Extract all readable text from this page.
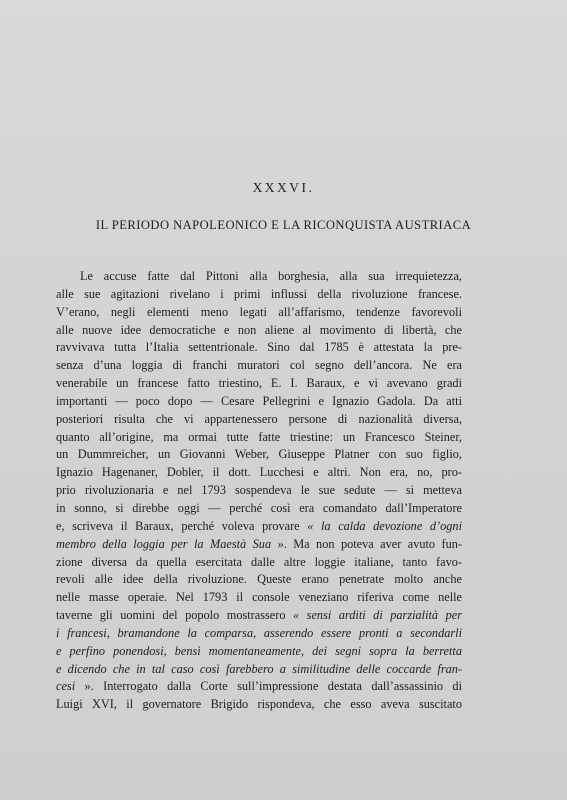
XXXVI.
IL PERIODO NAPOLEONICO E LA RICONQUISTA AUSTRIACA
Le accuse fatte dal Pittoni alla borghesia, alla sua irrequietezza,
alle sue agitazioni rivelano i primi influssi della rivoluzione francese.
V’erano, negli elementi meno legati all’affarismo, tendenze favorevoli
alle nuove idee democratiche e non aliene al movimento di libertà, che
ravvivava tutta l’Italia settentrionale. Sino dal 1785 è attestata la pre-
senza d’una loggia di franchi muratori col segno dell’ancora. Ne era
venerabile un francese fatto triestino, E. I. Baraux, e vi avevano gradi
importanti — poco dopo — Cesare Pellegrini e Ignazio Gadola. Da atti
posteriori risulta che vi appartenessero persone di nazionalità diversa,
quanto all’origine, ma ormai tutte fatte triestine: un Francesco Steiner,
un Dummreicher, un Giovanni Weber, Giuseppe Platner con suo figlio,
Ignazio Hagenaner, Dobler, il dott. Lucchesi e altri. Non era, no, pro-
prio rivoluzionaria e nel 1793 sospendeva le sue sedute — si metteva
in sonno, si direbbe oggi — perché così era comandato dall’Imperatore
e, scriveva il Baraux, perché voleva provare « la calda devozione d’ogni
membro della loggia per la Maestà Sua ». Ma non poteva aver avuto fun-
zione diversa da quella esercitata dalle altre loggie italiane, tanto favo-
revoli alle idee della rivoluzione. Queste erano penetrate molto anche
nelle masse operaie. Nel 1793 il console veneziano riferiva come nelle
taverne gli uomini del popolo mostrassero « sensi arditi di parzialità per
i francesi, bramandone la comparsa, asserendo essere pronti a secondarli
e perfino ponendosi, bensì momentaneamente, dei segni sopra la berretta
e dicendo che in tal caso così farebbero a similitudine delle coccarde fran-
cesi ». Interrogato dalla Corte sull’impressione destata dall’assassinio di
Luigi XVI, il governatore Brigido rispondeva, che esso aveva suscitato
